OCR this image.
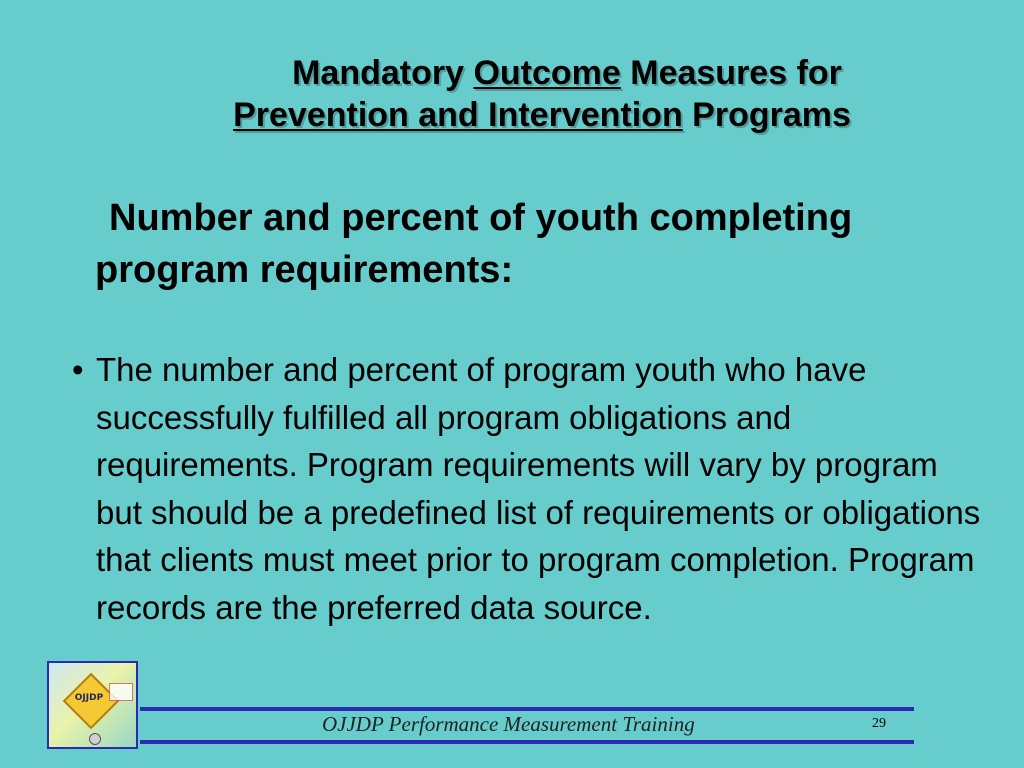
Mandatory Outcome Measures for
Prevention and Intervention Programs
Number and percent of youth completing program requirements:
• The number and percent of program youth who have successfully fulfilled all program obligations and requirements. Program requirements will vary by program but should be a predefined list of requirements or obligations that clients must meet prior to program completion. Program records are the preferred data source.
OJJDP
OJJDP Performance Measurement Training	29
